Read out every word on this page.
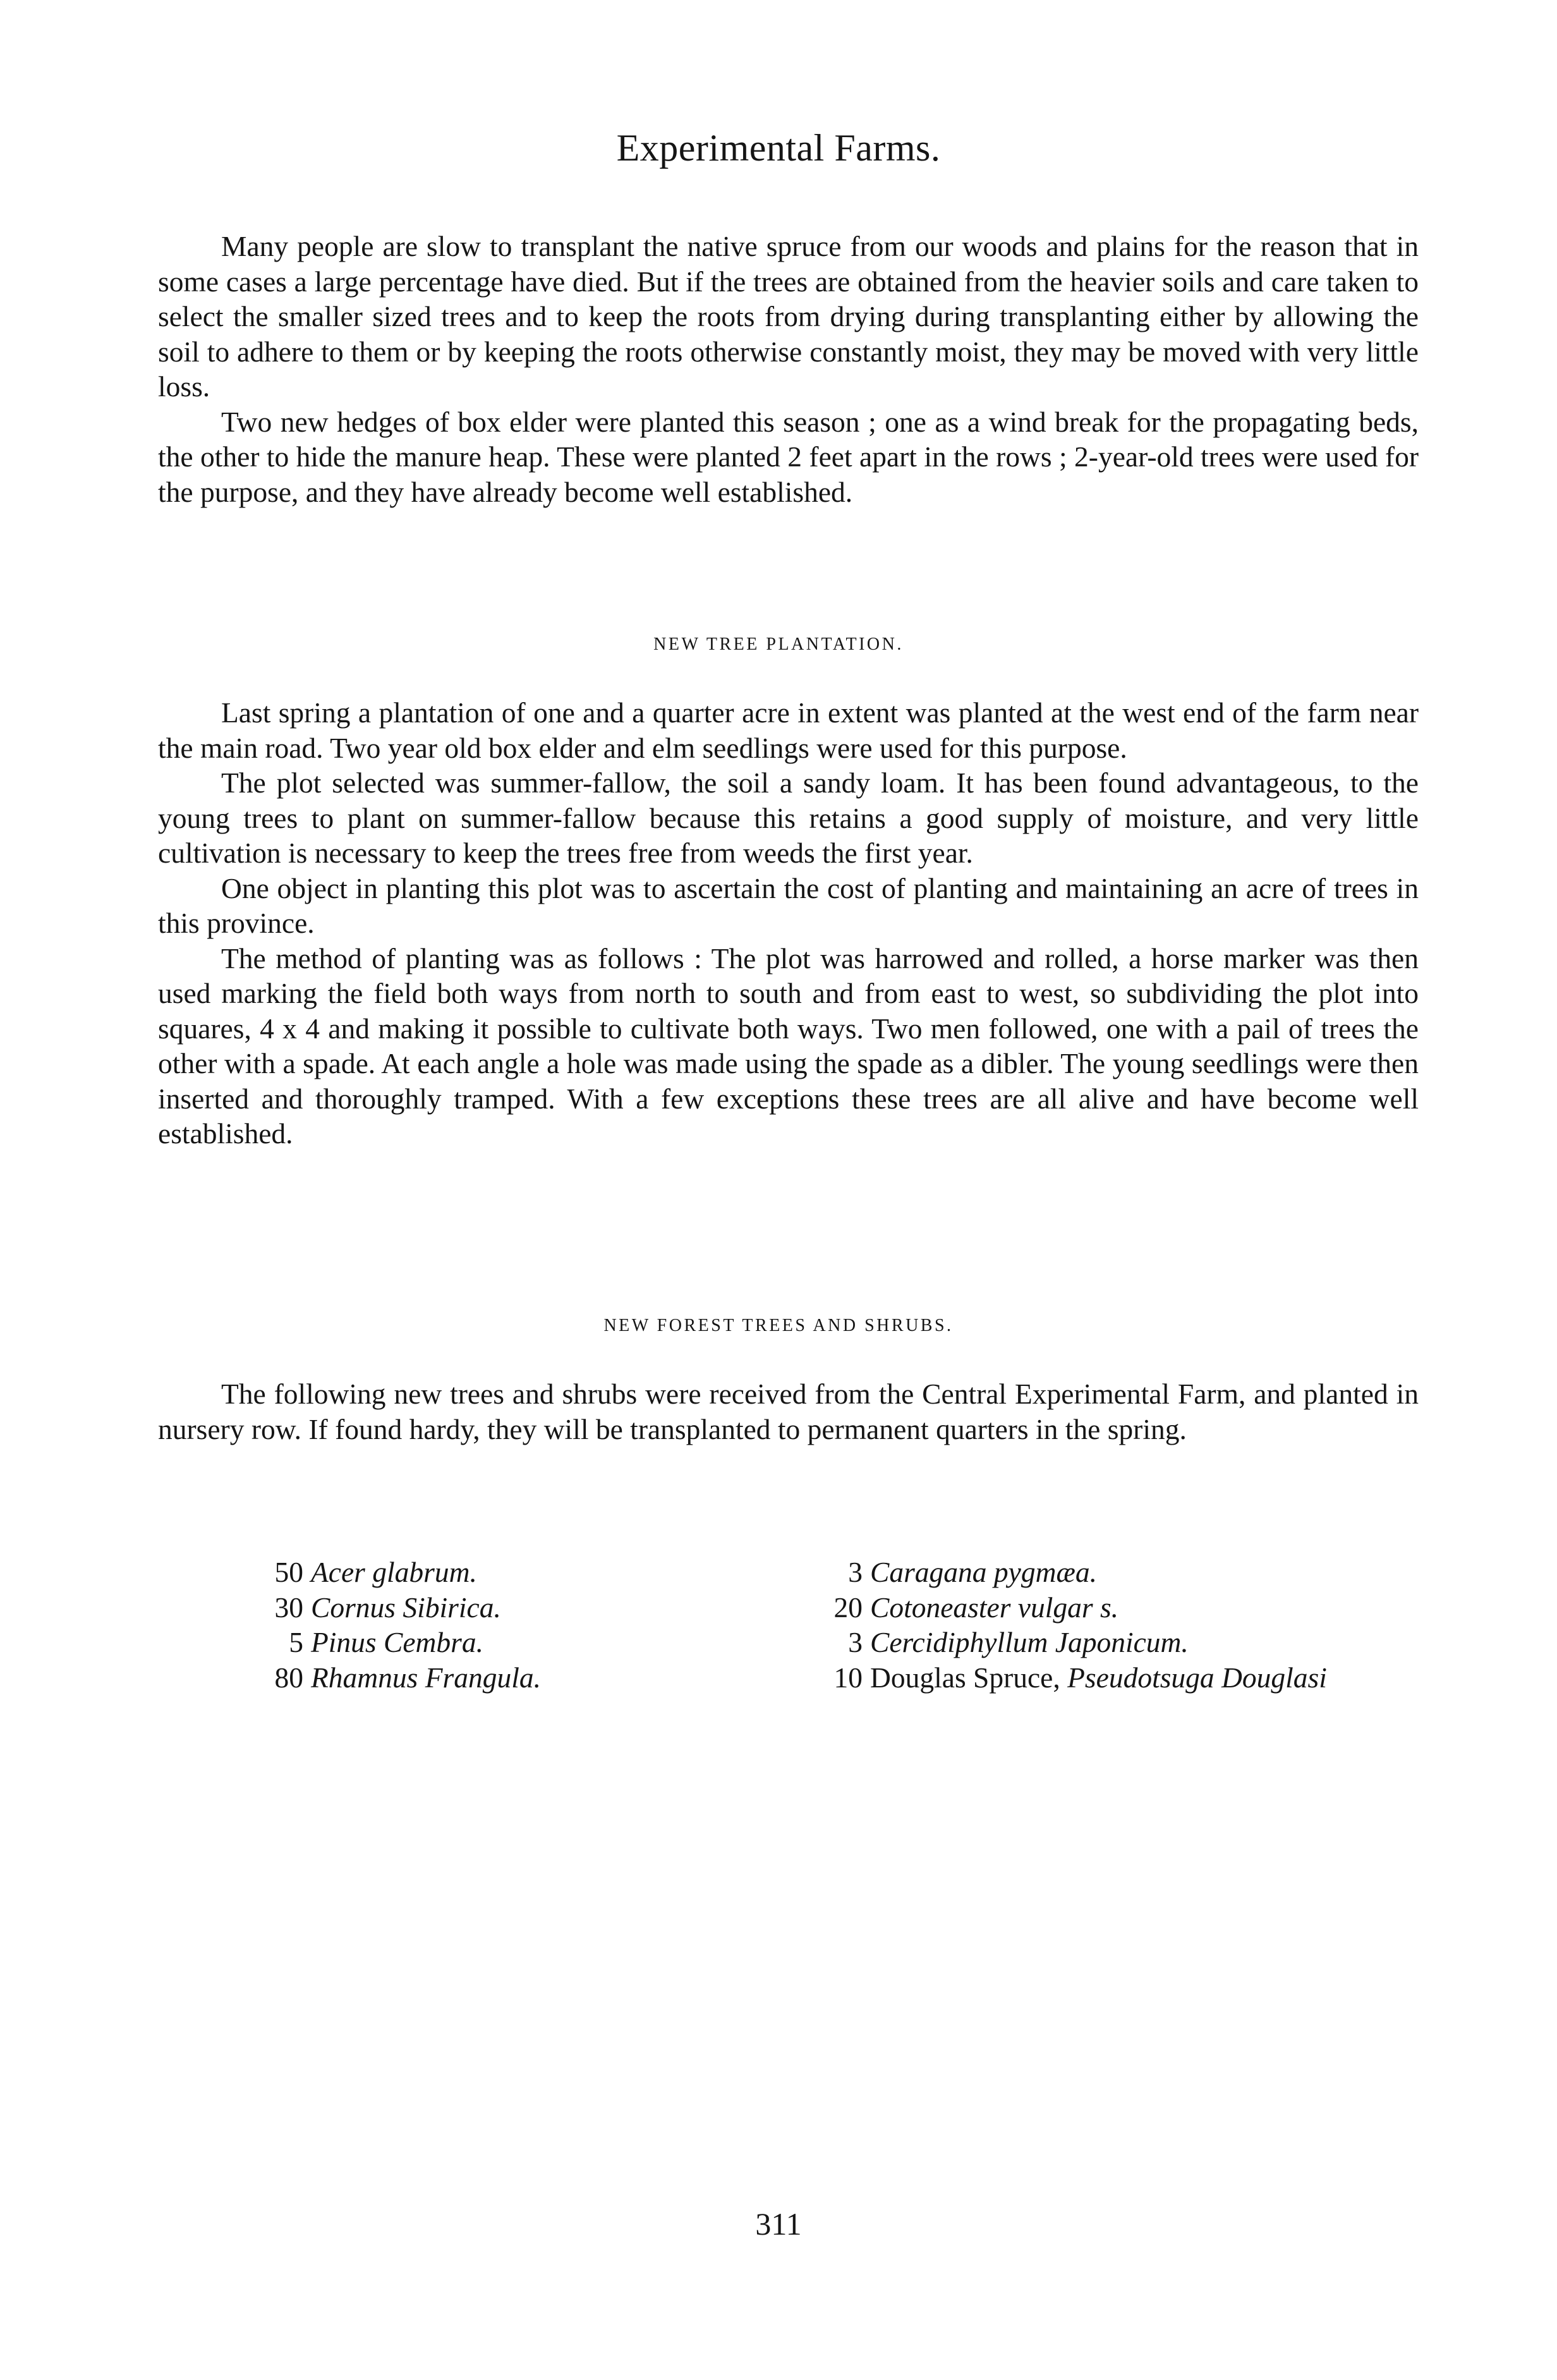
Experimental Farms.

Many people are slow to transplant the native spruce from our woods and plains for the reason that in some cases a large percentage have died. But if the trees are obtained from the heavier soils and care taken to select the smaller sized trees and to keep the roots from drying during transplanting either by allowing the soil to adhere to them or by keeping the roots otherwise constantly moist, they may be moved with very little loss.

Two new hedges of box elder were planted this season ; one as a wind break for the propagating beds, the other to hide the manure heap. These were planted 2 feet apart in the rows ; 2-year-old trees were used for the purpose, and they have already become well established.

NEW TREE PLANTATION.

Last spring a plantation of one and a quarter acre in extent was planted at the west end of the farm near the main road. Two year old box elder and elm seedlings were used for this purpose.

The plot selected was summer-fallow, the soil a sandy loam. It has been found advantageous, to the young trees to plant on summer-fallow because this retains a good supply of moisture, and very little cultivation is necessary to keep the trees free from weeds the first year.

One object in planting this plot was to ascertain the cost of planting and maintaining an acre of trees in this province.

The method of planting was as follows : The plot was harrowed and rolled, a horse marker was then used marking the field both ways from north to south and from east to west, so subdividing the plot into squares, 4 x 4 and making it possible to cultivate both ways. Two men followed, one with a pail of trees the other with a spade. At each angle a hole was made using the spade as a dibler. The young seedlings were then inserted and thoroughly tramped. With a few exceptions these trees are all alive and have become well established.

NEW FOREST TREES AND SHRUBS.

The following new trees and shrubs were received from the Central Experimental Farm, and planted in nursery row. If found hardy, they will be transplanted to permanent quarters in the spring.

50 Acer glabrum.
30 Cornus Sibirica.
5 Pinus Cembra.
80 Rhamnus Frangula.
3 Caragana pygmæa.
20 Cotoneaster vulgar s.
3 Cercidiphyllum Japonicum.
10 Douglas Spruce, Pseudotsuga Douglasi
311
